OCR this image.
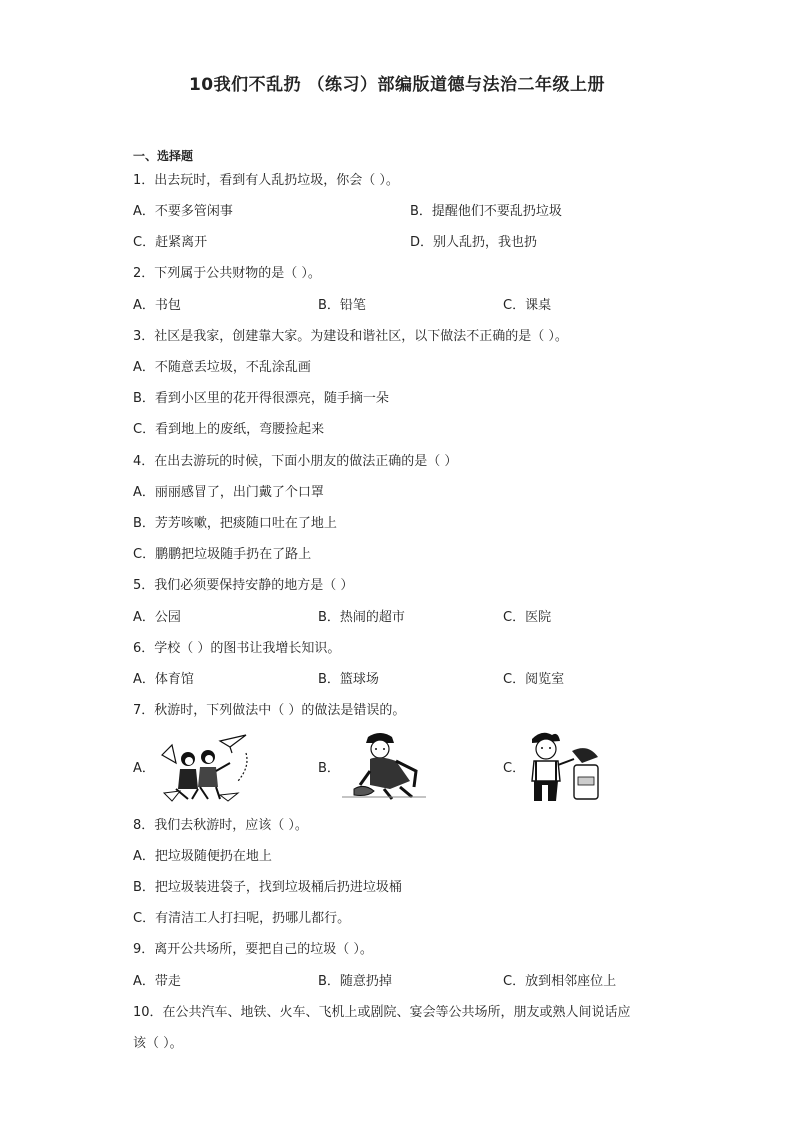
10我们不乱扔 （练习）部编版道德与法治二年级上册
一、选择题
1．出去玩时，看到有人乱扔垃圾，你会（ ）。
A．不要多管闲事	B．提醒他们不要乱扔垃圾
C．赶紧离开	D．别人乱扔，我也扔
2．下列属于公共财物的是（ ）。
A．书包	B．铅笔	C．课桌
3．社区是我家，创建靠大家。为建设和谐社区，以下做法不正确的是（ ）。
A．不随意丢垃圾，不乱涂乱画
B．看到小区里的花开得很漂亮，随手摘一朵
C．看到地上的废纸，弯腰捡起来
4．在出去游玩的时候，下面小朋友的做法正确的是（ ）
A．丽丽感冒了，出门戴了个口罩
B．芳芳咳嗽，把痰随口吐在了地上
C．鹏鹏把垃圾随手扔在了路上
5．我们必须要保持安静的地方是（ ）
A．公园	B．热闹的超市	C．医院
6．学校（ ）的图书让我增长知识。
A．体育馆	B．篮球场	C．阅览室
7．秋游时，下列做法中（ ）的做法是错误的。
A．	B．	C．
8．我们去秋游时，应该（ ）。
A．把垃圾随便扔在地上
B．把垃圾装进袋子，找到垃圾桶后扔进垃圾桶
C．有清洁工人打扫呢，扔哪儿都行。
9．离开公共场所，要把自己的垃圾（ ）。
A．带走	B．随意扔掉	C．放到相邻座位上
10．在公共汽车、地铁、火车、飞机上或剧院、宴会等公共场所，朋友或熟人间说话应
该（ ）。
